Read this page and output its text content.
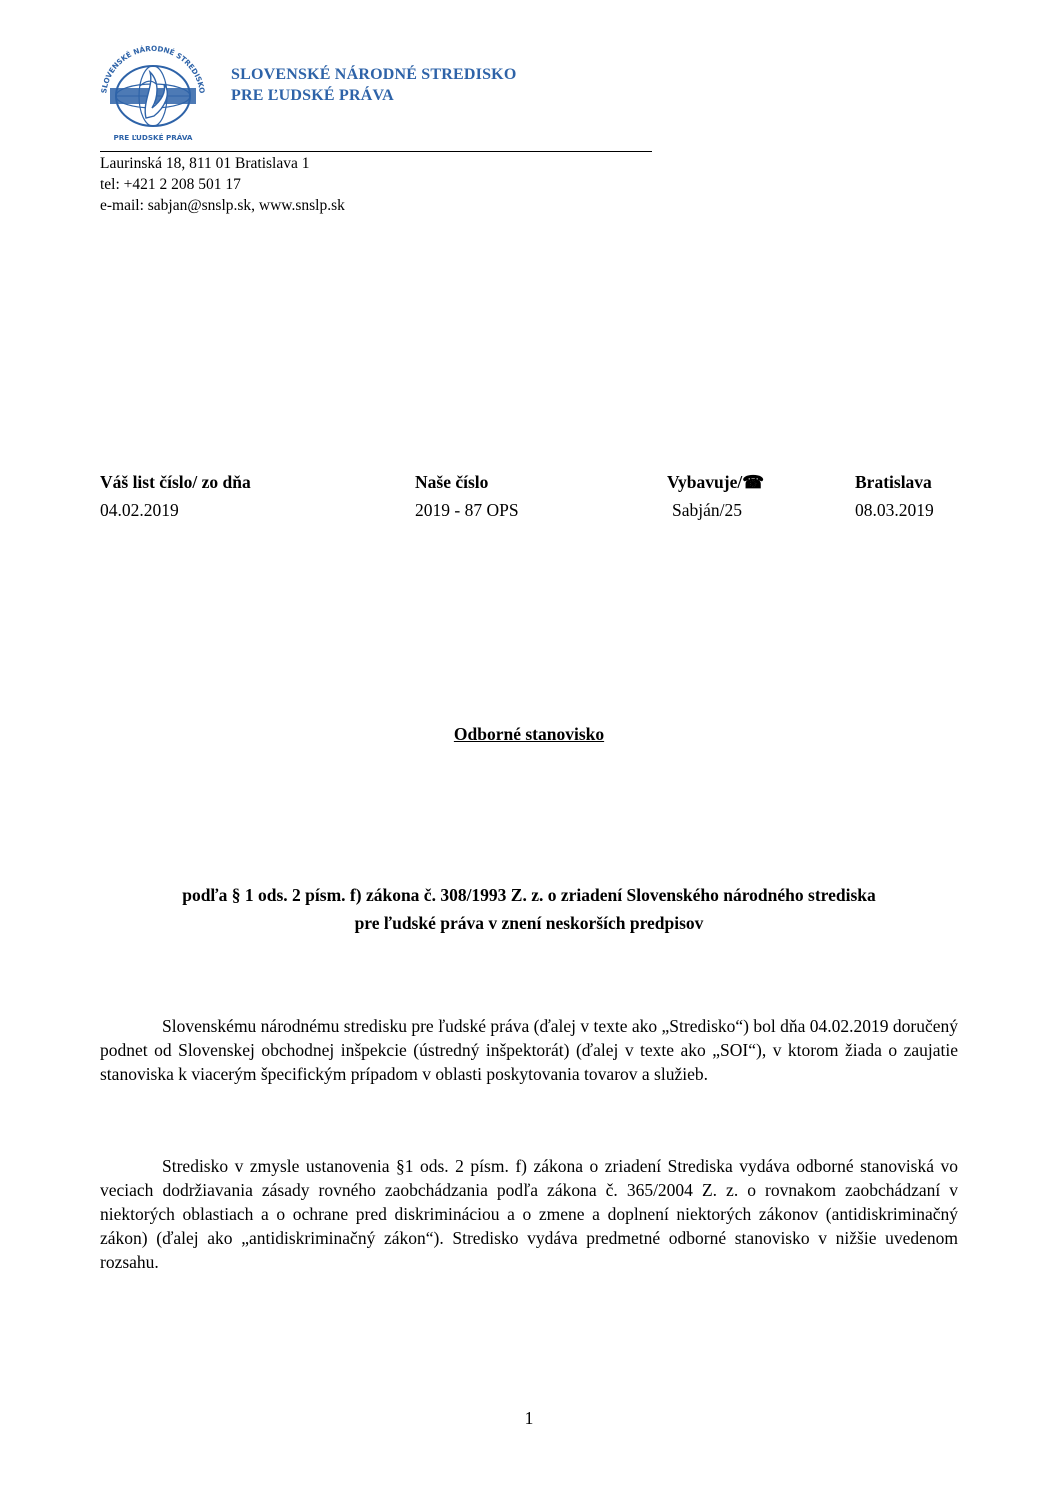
SLOVENSKÉ NÁRODNÉ STREDISKO
PRE ĽUDSKÉ PRÁVA
SLOVENSKÉ NÁRODNÉ STREDISKO
PRE ĽUDSKÉ PRÁVA
Laurinská 18, 811 01 Bratislava 1
tel: +421 2 208 501 17
e-mail: sabjan@snslp.sk, www.snslp.sk
Váš list číslo/ zo dňa
04.02.2019
Naše číslo
2019 - 87 OPS
Vybavuje/☎
Sabján/25
Bratislava
08.03.2019
Odborné stanovisko
podľa § 1 ods. 2 písm. f) zákona č. 308/1993 Z. z. o zriadení Slovenského národného strediska
pre ľudské práva v znení neskorších predpisov
Slovenskému národnému stredisku pre ľudské práva (ďalej v texte ako „Stredisko“) bol dňa 04.02.2019 doručený podnet od Slovenskej obchodnej inšpekcie (ústredný inšpektorát) (ďalej v texte ako „SOI“), v ktorom žiada o zaujatie stanoviska k viacerým špecifickým prípadom v oblasti poskytovania tovarov a služieb.
Stredisko v zmysle ustanovenia §1 ods. 2 písm. f) zákona o zriadení Strediska vydáva odborné stanoviská vo veciach dodržiavania zásady rovného zaobchádzania podľa zákona č. 365/2004 Z. z. o rovnakom zaobchádzaní v niektorých oblastiach a o ochrane pred diskrimináciou a o zmene a doplnení niektorých zákonov (antidiskriminačný zákon) (ďalej ako „antidiskriminačný zákon“). Stredisko vydáva predmetné odborné stanovisko v nižšie uvedenom rozsahu.
1
